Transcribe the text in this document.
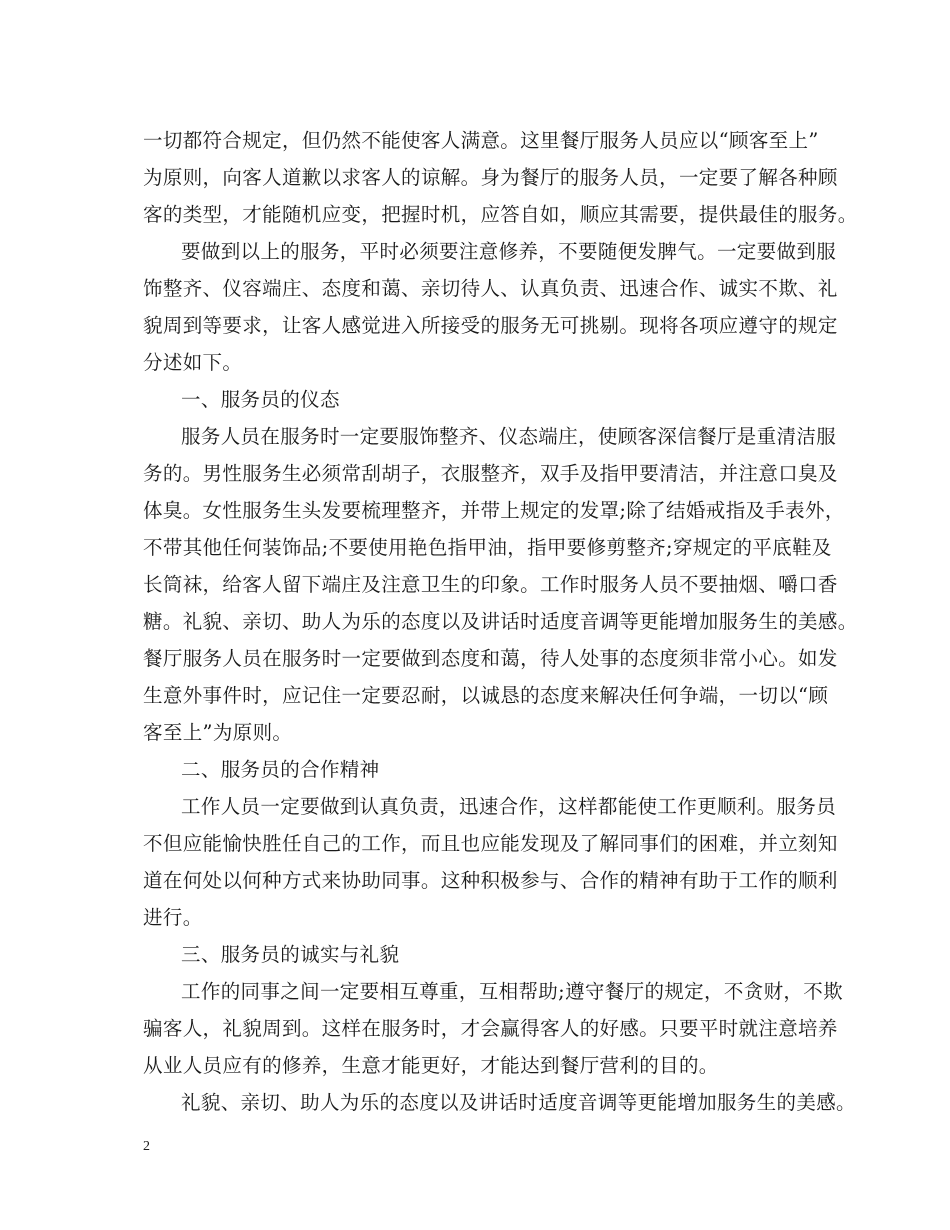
一切都符合规定，但仍然不能使客人满意。这里餐厅服务人员应以“顾客至上”
为原则，向客人道歉以求客人的谅解。身为餐厅的服务人员，一定要了解各种顾
客的类型，才能随机应变，把握时机，应答自如，顺应其需要，提供最佳的服务。
要做到以上的服务，平时必须要注意修养，不要随便发脾气。一定要做到服
饰整齐、仪容端庄、态度和蔼、亲切待人、认真负责、迅速合作、诚实不欺、礼
貌周到等要求，让客人感觉进入所接受的服务无可挑剔。现将各项应遵守的规定
分述如下。
一、服务员的仪态
服务人员在服务时一定要服饰整齐、仪态端庄，使顾客深信餐厅是重清洁服
务的。男性服务生必须常刮胡子，衣服整齐，双手及指甲要清洁，并注意口臭及
体臭。女性服务生头发要梳理整齐，并带上规定的发罩;除了结婚戒指及手表外，
不带其他任何装饰品;不要使用艳色指甲油，指甲要修剪整齐;穿规定的平底鞋及
长筒袜，给客人留下端庄及注意卫生的印象。工作时服务人员不要抽烟、嚼口香
糖。礼貌、亲切、助人为乐的态度以及讲话时适度音调等更能增加服务生的美感。
餐厅服务人员在服务时一定要做到态度和蔼，待人处事的态度须非常小心。如发
生意外事件时，应记住一定要忍耐，以诚恳的态度来解决任何争端，一切以“顾
客至上”为原则。
二、服务员的合作精神
工作人员一定要做到认真负责，迅速合作，这样都能使工作更顺利。服务员
不但应能愉快胜任自己的工作，而且也应能发现及了解同事们的困难，并立刻知
道在何处以何种方式来协助同事。这种积极参与、合作的精神有助于工作的顺利
进行。
三、服务员的诚实与礼貌
工作的同事之间一定要相互尊重，互相帮助;遵守餐厅的规定，不贪财，不欺
骗客人，礼貌周到。这样在服务时，才会赢得客人的好感。只要平时就注意培养
从业人员应有的修养，生意才能更好，才能达到餐厅营利的目的。
礼貌、亲切、助人为乐的态度以及讲话时适度音调等更能增加服务生的美感。
2
